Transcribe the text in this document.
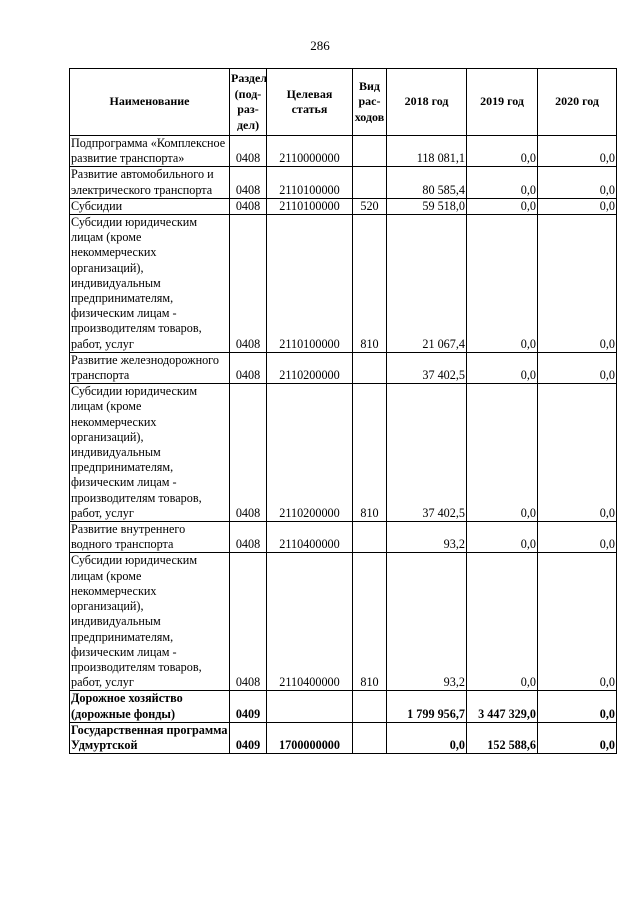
286
Наименование	Раздел (под-раз-дел)	Целевая статья	Вид рас-ходов	2018 год	2019 год	2020 год
Подпрограмма «Комплексное развитие транспорта»	0408	2110000000		118 081,1	0,0	0,0
Развитие автомобильного и электрического транспорта	0408	2110100000		80 585,4	0,0	0,0
Субсидии	0408	2110100000	520	59 518,0	0,0	0,0
Субсидии юридическим лицам (кроме некоммерческих организаций), индивидуальным предпринимателям, физическим лицам - производителям товаров, работ, услуг	0408	2110100000	810	21 067,4	0,0	0,0
Развитие железнодорожного транспорта	0408	2110200000		37 402,5	0,0	0,0
Субсидии юридическим лицам (кроме некоммерческих организаций), индивидуальным предпринимателям, физическим лицам - производителям товаров, работ, услуг	0408	2110200000	810	37 402,5	0,0	0,0
Развитие внутреннего водного транспорта	0408	2110400000		93,2	0,0	0,0
Субсидии юридическим лицам (кроме некоммерческих организаций), индивидуальным предпринимателям, физическим лицам - производителям товаров, работ, услуг	0408	2110400000	810	93,2	0,0	0,0
Дорожное хозяйство (дорожные фонды)	0409			1 799 956,7	3 447 329,0	0,0
Государственная программа Удмуртской	0409	1700000000		0,0	152 588,6	0,0
